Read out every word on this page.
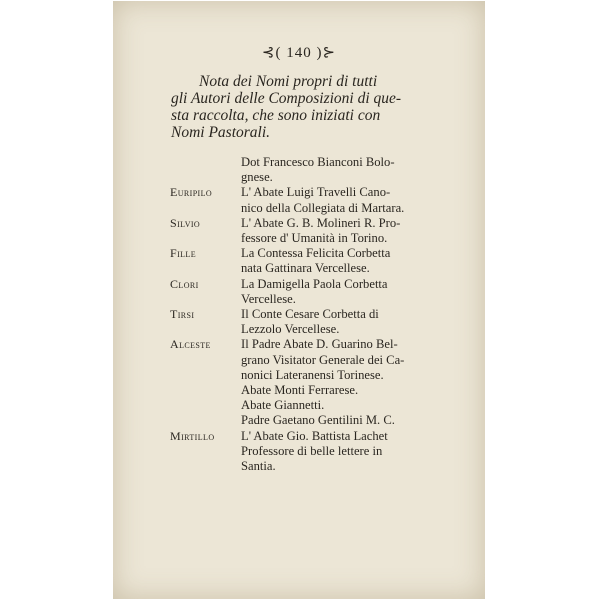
⊰( 140 )⊱
Nota dei Nomi propri di tutti
gli Autori delle Composizioni di que-
sta raccolta, che sono iniziati con
Nomi Pastorali.
Dot Francesco Bianconi Bolo-
gnese.
Euripilo L' Abate Luigi Travelli Cano-
nico della Collegiata di Martara.
Silvio	L' Abate G. B. Molineri R. Pro-
fessore d' Umanità in Torino.
Fille	La Contessa Felicita Corbetta
nata Gattinara Vercellese.
Clori	La Damigella Paola Corbetta
Vercellese.
Tirsi	Il Conte Cesare Corbetta di
Lezzolo Vercellese.
Alceste Il Padre Abate D. Guarino Bel-
grano Visitator Generale dei Ca-
nonici Lateranensi Torinese.
Abate Monti Ferrarese.
Abate Giannetti.
Padre Gaetano Gentilini M. C.
Mirtillo L' Abate Gio. Battista Lachet
Professore di belle lettere in
Santia.
